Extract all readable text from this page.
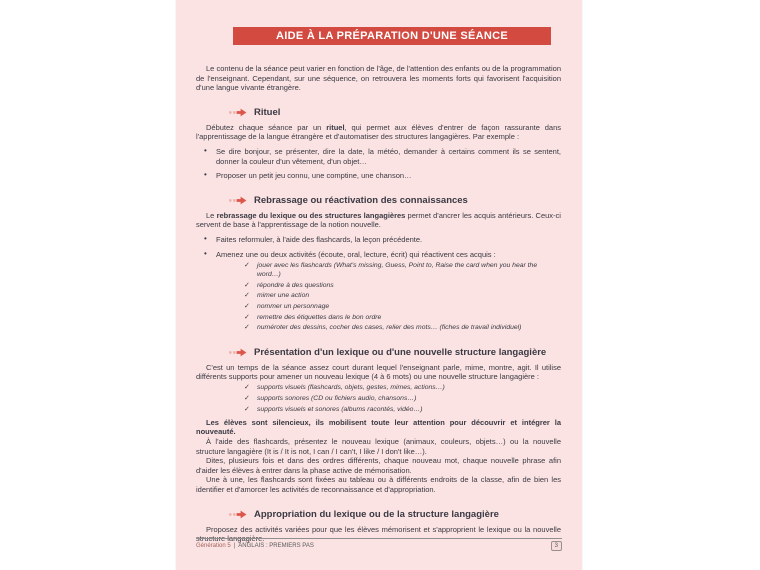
AIDE À LA PRÉPARATION D'UNE SÉANCE
Le contenu de la séance peut varier en fonction de l'âge, de l'attention des enfants ou de la programmation de l'enseignant. Cependant, sur une séquence, on retrouvera les moments forts qui favorisent l'acquisition d'une langue vivante étrangère.
Rituel
Débutez chaque séance par un rituel, qui permet aux élèves d'entrer de façon rassurante dans l'apprentissage de la langue étrangère et d'automatiser des structures langagières. Par exemple :
• Se dire bonjour, se présenter, dire la date, la météo, demander à certains comment ils se sentent, donner la couleur d'un vêtement, d'un objet…
• Proposer un petit jeu connu, une comptine, une chanson…
Rebrassage ou réactivation des connaissances
Le rebrassage du lexique ou des structures langagières permet d'ancrer les acquis antérieurs. Ceux-ci servent de base à l'apprentissage de la notion nouvelle.
• Faites reformuler, à l'aide des flashcards, la leçon précédente.
• Amenez une ou deux activités (écoute, oral, lecture, écrit) qui réactivent ces acquis :
✓ jouer avec les flashcards (What's missing, Guess, Point to, Raise the card when you hear the word…)
✓ répondre à des questions
✓ mimer une action
✓ nommer un personnage
✓ remettre des étiquettes dans le bon ordre
✓ numéroter des dessins, cocher des cases, relier des mots… (fiches de travail individuel)
Présentation d'un lexique ou d'une nouvelle structure langagière
C'est un temps de la séance assez court durant lequel l'enseignant parle, mime, montre, agit. Il utilise différents supports pour amener un nouveau lexique (4 à 6 mots) ou une nouvelle structure langagière :
✓ supports visuels (flashcards, objets, gestes, mimes, actions…)
✓ supports sonores (CD ou fichiers audio, chansons…)
✓ supports visuels et sonores (albums racontés, vidéo…)
Les élèves sont silencieux, ils mobilisent toute leur attention pour découvrir et intégrer la nouveauté.
À l'aide des flashcards, présentez le nouveau lexique (animaux, couleurs, objets…) ou la nouvelle structure langagière (It is / It is not, I can / I can't, I like / I don't like…).
Dites, plusieurs fois et dans des ordres différents, chaque nouveau mot, chaque nouvelle phrase afin d'aider les élèves à entrer dans la phase active de mémorisation.
Une à une, les flashcards sont fixées au tableau ou à différents endroits de la classe, afin de bien les identifier et d'amorcer les activités de reconnaissance et d'appropriation.
Appropriation du lexique ou de la structure langagière
Proposez des activités variées pour que les élèves mémorisent et s'approprient le lexique ou la nouvelle structure langagière.
Génération 5 | ANGLAIS : PREMIERS PAS	3
